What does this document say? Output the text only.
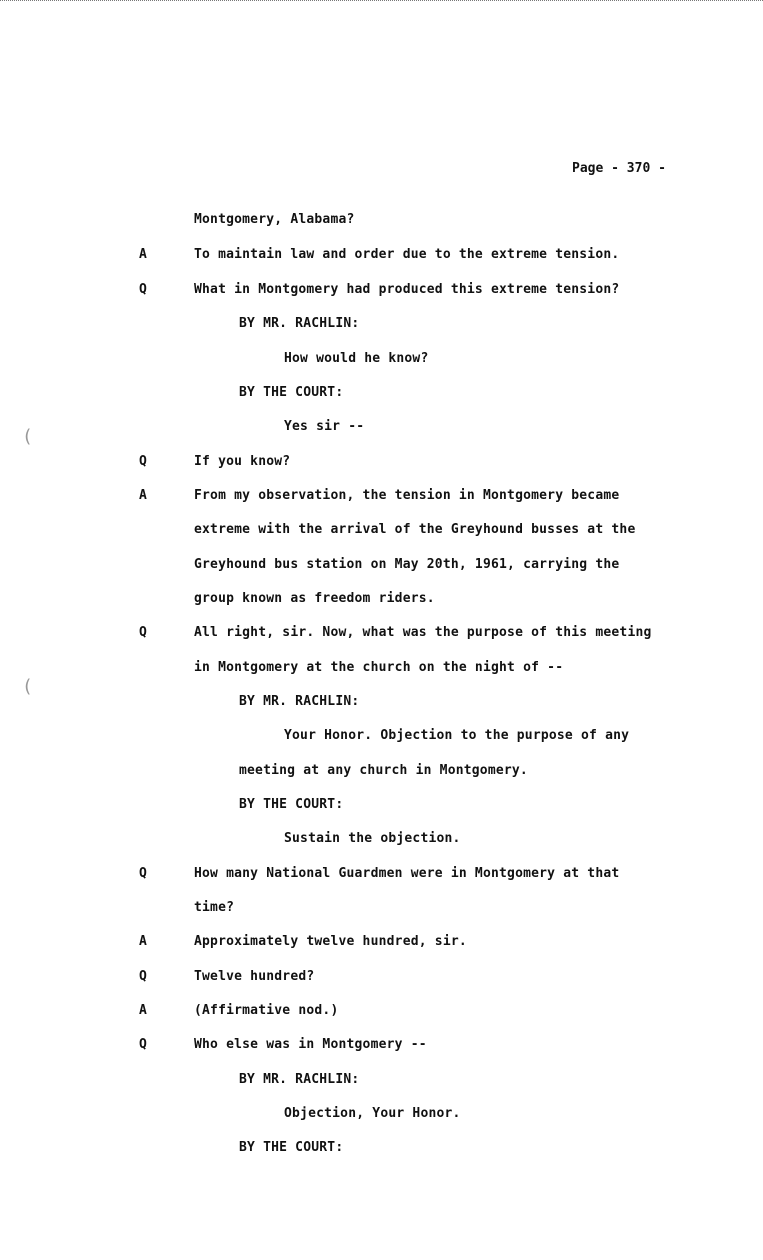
(
(
Page - 370 -
Montgomery, Alabama?
A	To maintain law and order due to the extreme tension.
Q	What in Montgomery had produced this extreme tension?
BY MR. RACHLIN:
How would he know?
BY THE COURT:
Yes sir --
Q	If you know?
A	From my observation, the tension in Montgomery became
extreme with the arrival of the Greyhound busses at the
Greyhound bus station on May 20th, 1961, carrying the
group known as freedom riders.
Q	All right, sir. Now, what was the purpose of this meeting
in Montgomery at the church on the night of --
BY MR. RACHLIN:
Your Honor. Objection to the purpose of any
meeting at any church in Montgomery.
BY THE COURT:
Sustain the objection.
Q	How many National Guardmen were in Montgomery at that
time?
A	Approximately twelve hundred, sir.
Q	Twelve hundred?
A	(Affirmative nod.)
Q	Who else was in Montgomery --
BY MR. RACHLIN:
Objection, Your Honor.
BY THE COURT:
